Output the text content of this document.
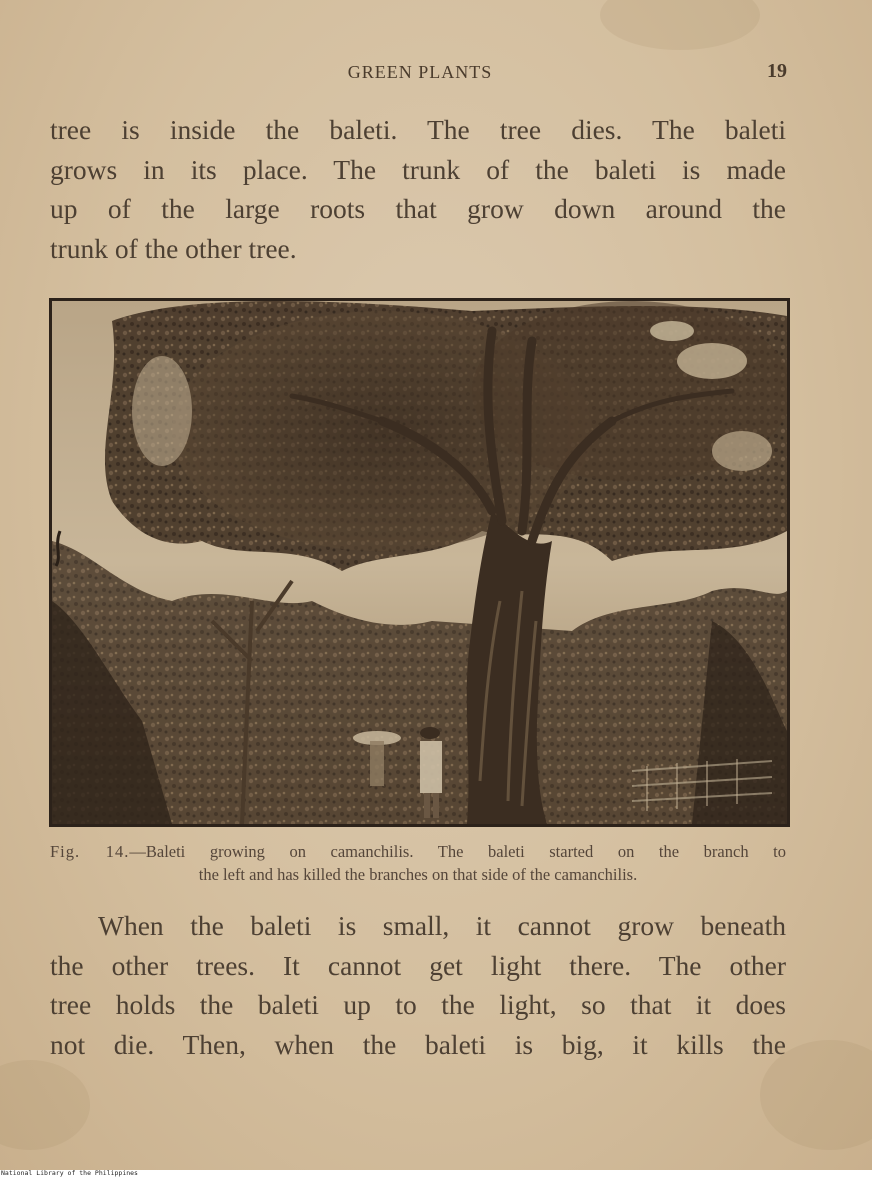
GREEN PLANTS	19
tree is inside the baleti. The tree dies. The baleti
grows in its place. The trunk of the baleti is made
up of the large roots that grow down around the
trunk of the other tree.
Fig. 14.—Baleti growing on camanchilis. The baleti started on the branch to
the left and has killed the branches on that side of the camanchilis.
When the baleti is small, it cannot grow beneath
the other trees. It cannot get light there. The other
tree holds the baleti up to the light, so that it does
not die. Then, when the baleti is big, it kills the
National Library of the Philippines
